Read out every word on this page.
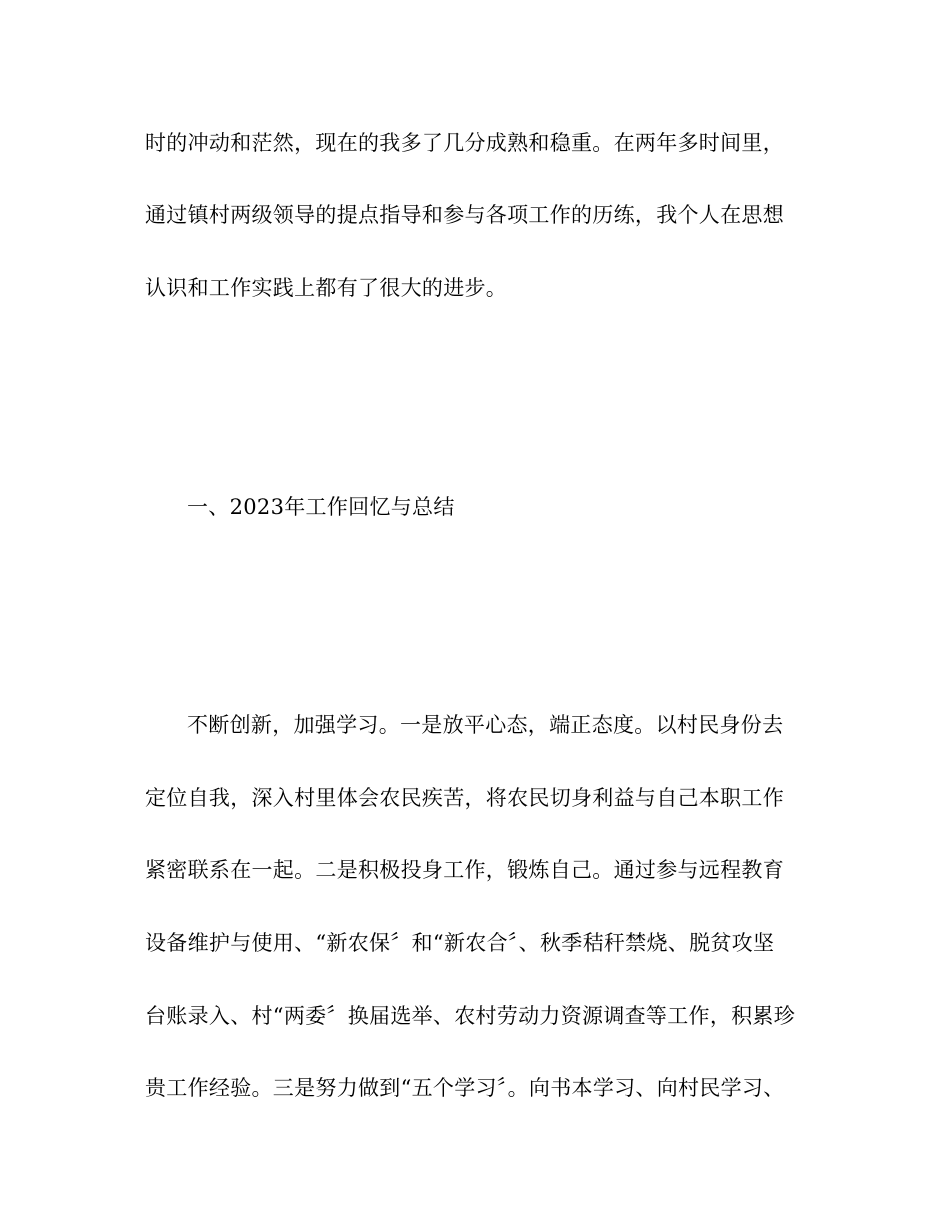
时的冲动和茫然，现在的我多了几分成熟和稳重。在两年多时间里，
通过镇村两级领导的提点指导和参与各项工作的历练，我个人在思想
认识和工作实践上都有了很大的进步。
一、2023年工作回忆与总结
不断创新，加强学习。一是放平心态，端正态度。以村民身份去
定位自我，深入村里体会农民疾苦，将农民切身利益与自己本职工作
紧密联系在一起。二是积极投身工作，锻炼自己。通过参与远程教育
设备维护与使用、“新农保〞和“新农合〞、秋季秸秆禁烧、脱贫攻坚
台账录入、村“两委〞换届选举、农村劳动力资源调查等工作，积累珍
贵工作经验。三是努力做到“五个学习〞。向书本学习、向村民学习、
